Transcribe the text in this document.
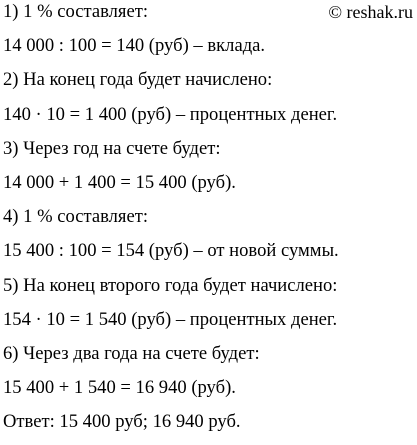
© reshak.ru
1) 1 % составляет:
14 000 : 100 = 140 (руб) – вклада.
2) На конец года будет начислено:
140 · 10 = 1 400 (руб) – процентных денег.
3) Через год на счете будет:
14 000 + 1 400 = 15 400 (руб).
4) 1 % составляет:
15 400 : 100 = 154 (руб) – от новой суммы.
5) На конец второго года будет начислено:
154 · 10 = 1 540 (руб) – процентных денег.
6) Через два года на счете будет:
15 400 + 1 540 = 16 940 (руб).
Ответ: 15 400 руб; 16 940 руб.
